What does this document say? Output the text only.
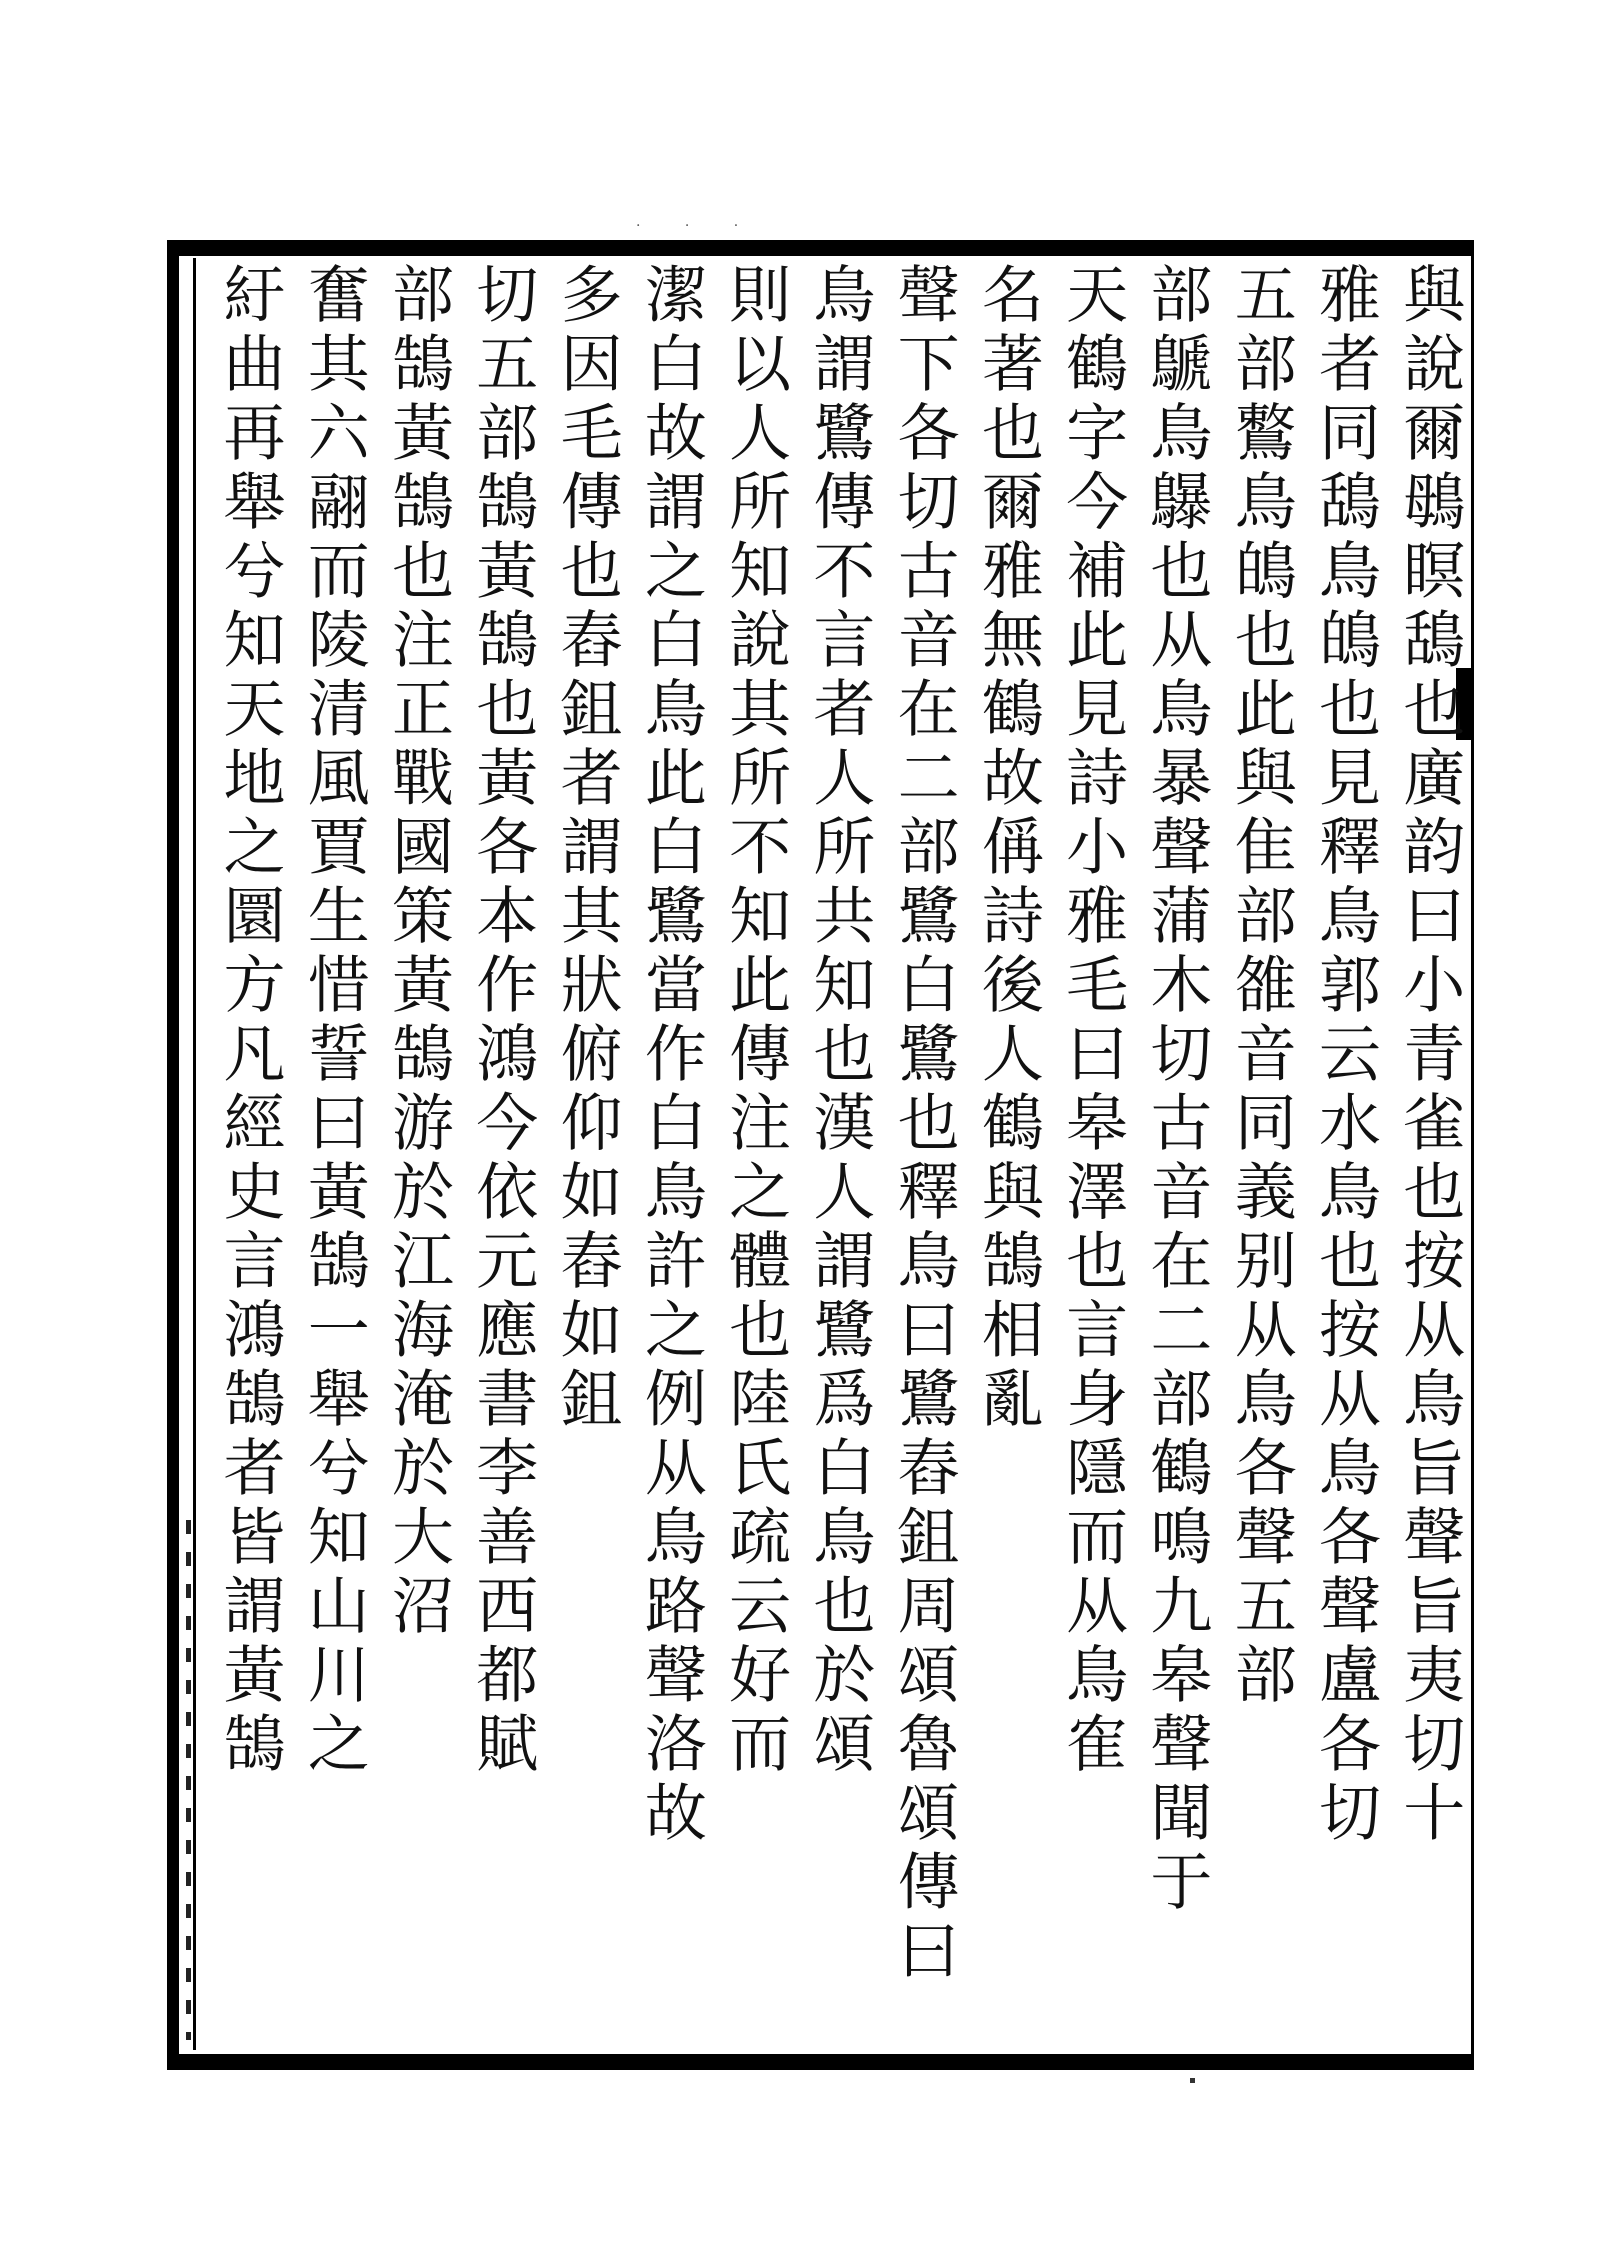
· · ·
與說爾䳇瞑鴰也廣韵曰小青雀也按从鳥旨聲旨夷切十
雅者同鴰鳥䳆也見釋鳥郭云水鳥也按从鳥各聲盧各切
五部鷘鳥䳆也此與隹部雒音同義别从鳥各聲五部
部鷈鳥鸔也从鳥暴聲蒲木切古音在二部鶴鳴九皋聲聞于
天鶴字今補此見詩小雅毛曰皋澤也言身隱而从鳥隺
名著也爾雅無鶴故偁詩後人鶴與鵠相亂
聲下各切古音在二部鷺白鷺也釋鳥曰鷺舂鉏周頌魯頌傳曰
鳥謂鷺傳不言者人所共知也漢人謂鷺爲白鳥也於頌
則以人所知說其所不知此傳注之體也陸氏疏云好而
潔白故謂之白鳥此白鷺當作白鳥許之例从鳥路聲洛故
多因毛傳也舂鉏者謂其狀俯仰如舂如鉏
切五部鵠黃鵠也黃各本作鴻今依元應書李善西都賦
部鵠黃鵠也注正戰國策黃鵠游於江海淹於大沼
奮其六翮而陵清風賈生惜誓曰黃鵠一舉兮知山川之
紆曲再舉兮知天地之圜方凡經史言鴻鵠者皆謂黃鵠
